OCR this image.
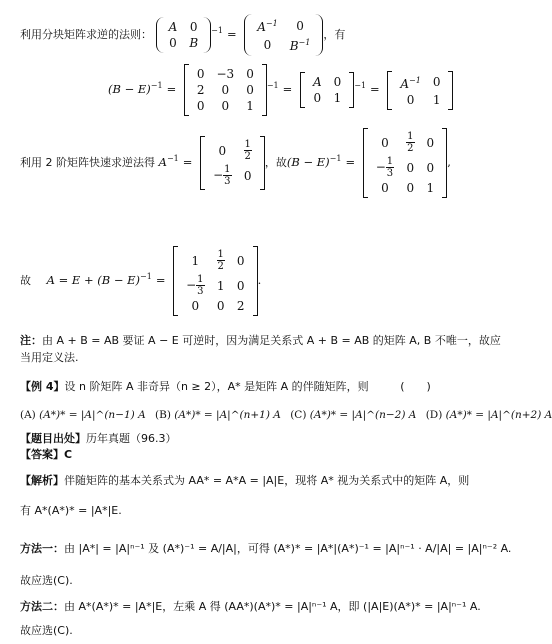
利用分块矩阵求逆的法则：
A	0
0	B
$^{-1} = A^{-1}$	0
0	$B^{-1}$
，有
$(B - E)^{-1}$ =
0	−3	0
2	0	0
0	0	1
$^{-1}$ = A	0
0	1
$^{-1} = A^{-1}$	0
0	1
利用 2 阶矩阵快速求逆法得 $A^{-1}$ =
0	$\frac{1}{2}$

− $\frac{1}{3}$	0
，故$(B - E)^{-1}$ =
0	$\frac{1}{2}$	0
− $\frac{1}{3}$	0	0
0	0	1
,
故 $A = E + (B - E)^{-1}$ =
1	$\frac{1}{2}$	0
− $\frac{1}{3}$	1	0
0	0	2
.
注：由 A + B = AB 要证 A − E 可逆时，因为满足关系式 A + B = AB 的矩阵 A, B 不唯一，故应
当用定义法.
【例 4】设 n 阶矩阵 A 非奇异（n ≥ 2），A* 是矩阵 A 的伴随矩阵，则	(　　)
(A) (A*)* = |A|^(n−1) A (B) (A*)* = |A|^(n+1) A (C) (A*)* = |A|^(n−2) A (D) (A*)* = |A|^(n+2) A
【题目出处】历年真题（96.3）
【答案】C
【解析】伴随矩阵的基本关系式为 AA* = A*A = |A|E，现将 A* 视为关系式中的矩阵 A，则
有 A*(A*)* = |A*|E.
方法一：由 |A*| = |A|ⁿ⁻¹ 及 (A*)⁻¹ = A/|A|，可得 (A*)* = |A*|(A*)⁻¹ = |A|ⁿ⁻¹ · A/|A| = |A|ⁿ⁻² A.
故应选(C).
方法二：由 A*(A*)* = |A*|E，左乘 A 得 (AA*)(A*)* = |A|ⁿ⁻¹ A，即 (|A|E)(A*)* = |A|ⁿ⁻¹ A.
故应选(C).
